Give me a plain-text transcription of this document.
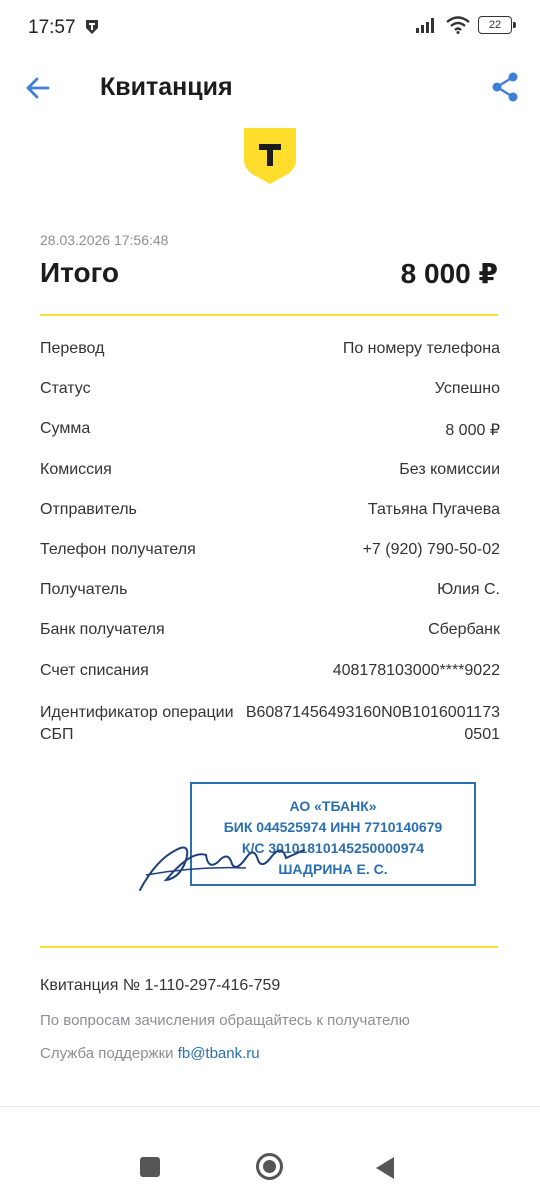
17:57	22
Квитанция
28.03.2026 17:56:48
Итого	8 000 ₽
Перевод	По номеру телефона
Статус	Успешно
Сумма	8 000 ₽
Комиссия	Без комиссии
Отправитель	Татьяна Пугачева
Телефон получателя	+7 (920) 790-50-02
Получатель	Юлия С.
Банк получателя	Сбербанк
Счет списания	408178103000****9022
Идентификатор операции СБП
B60871456493160N0B10160011730501
АО «ТБАНК»
БИК 044525974 ИНН 7710140679
К/С 30101810145250000974
ШАДРИНА Е. С.
Квитанция № 1-110-297-416-759
По вопросам зачисления обращайтесь к получателю
Служба поддержки fb@tbank.ru
